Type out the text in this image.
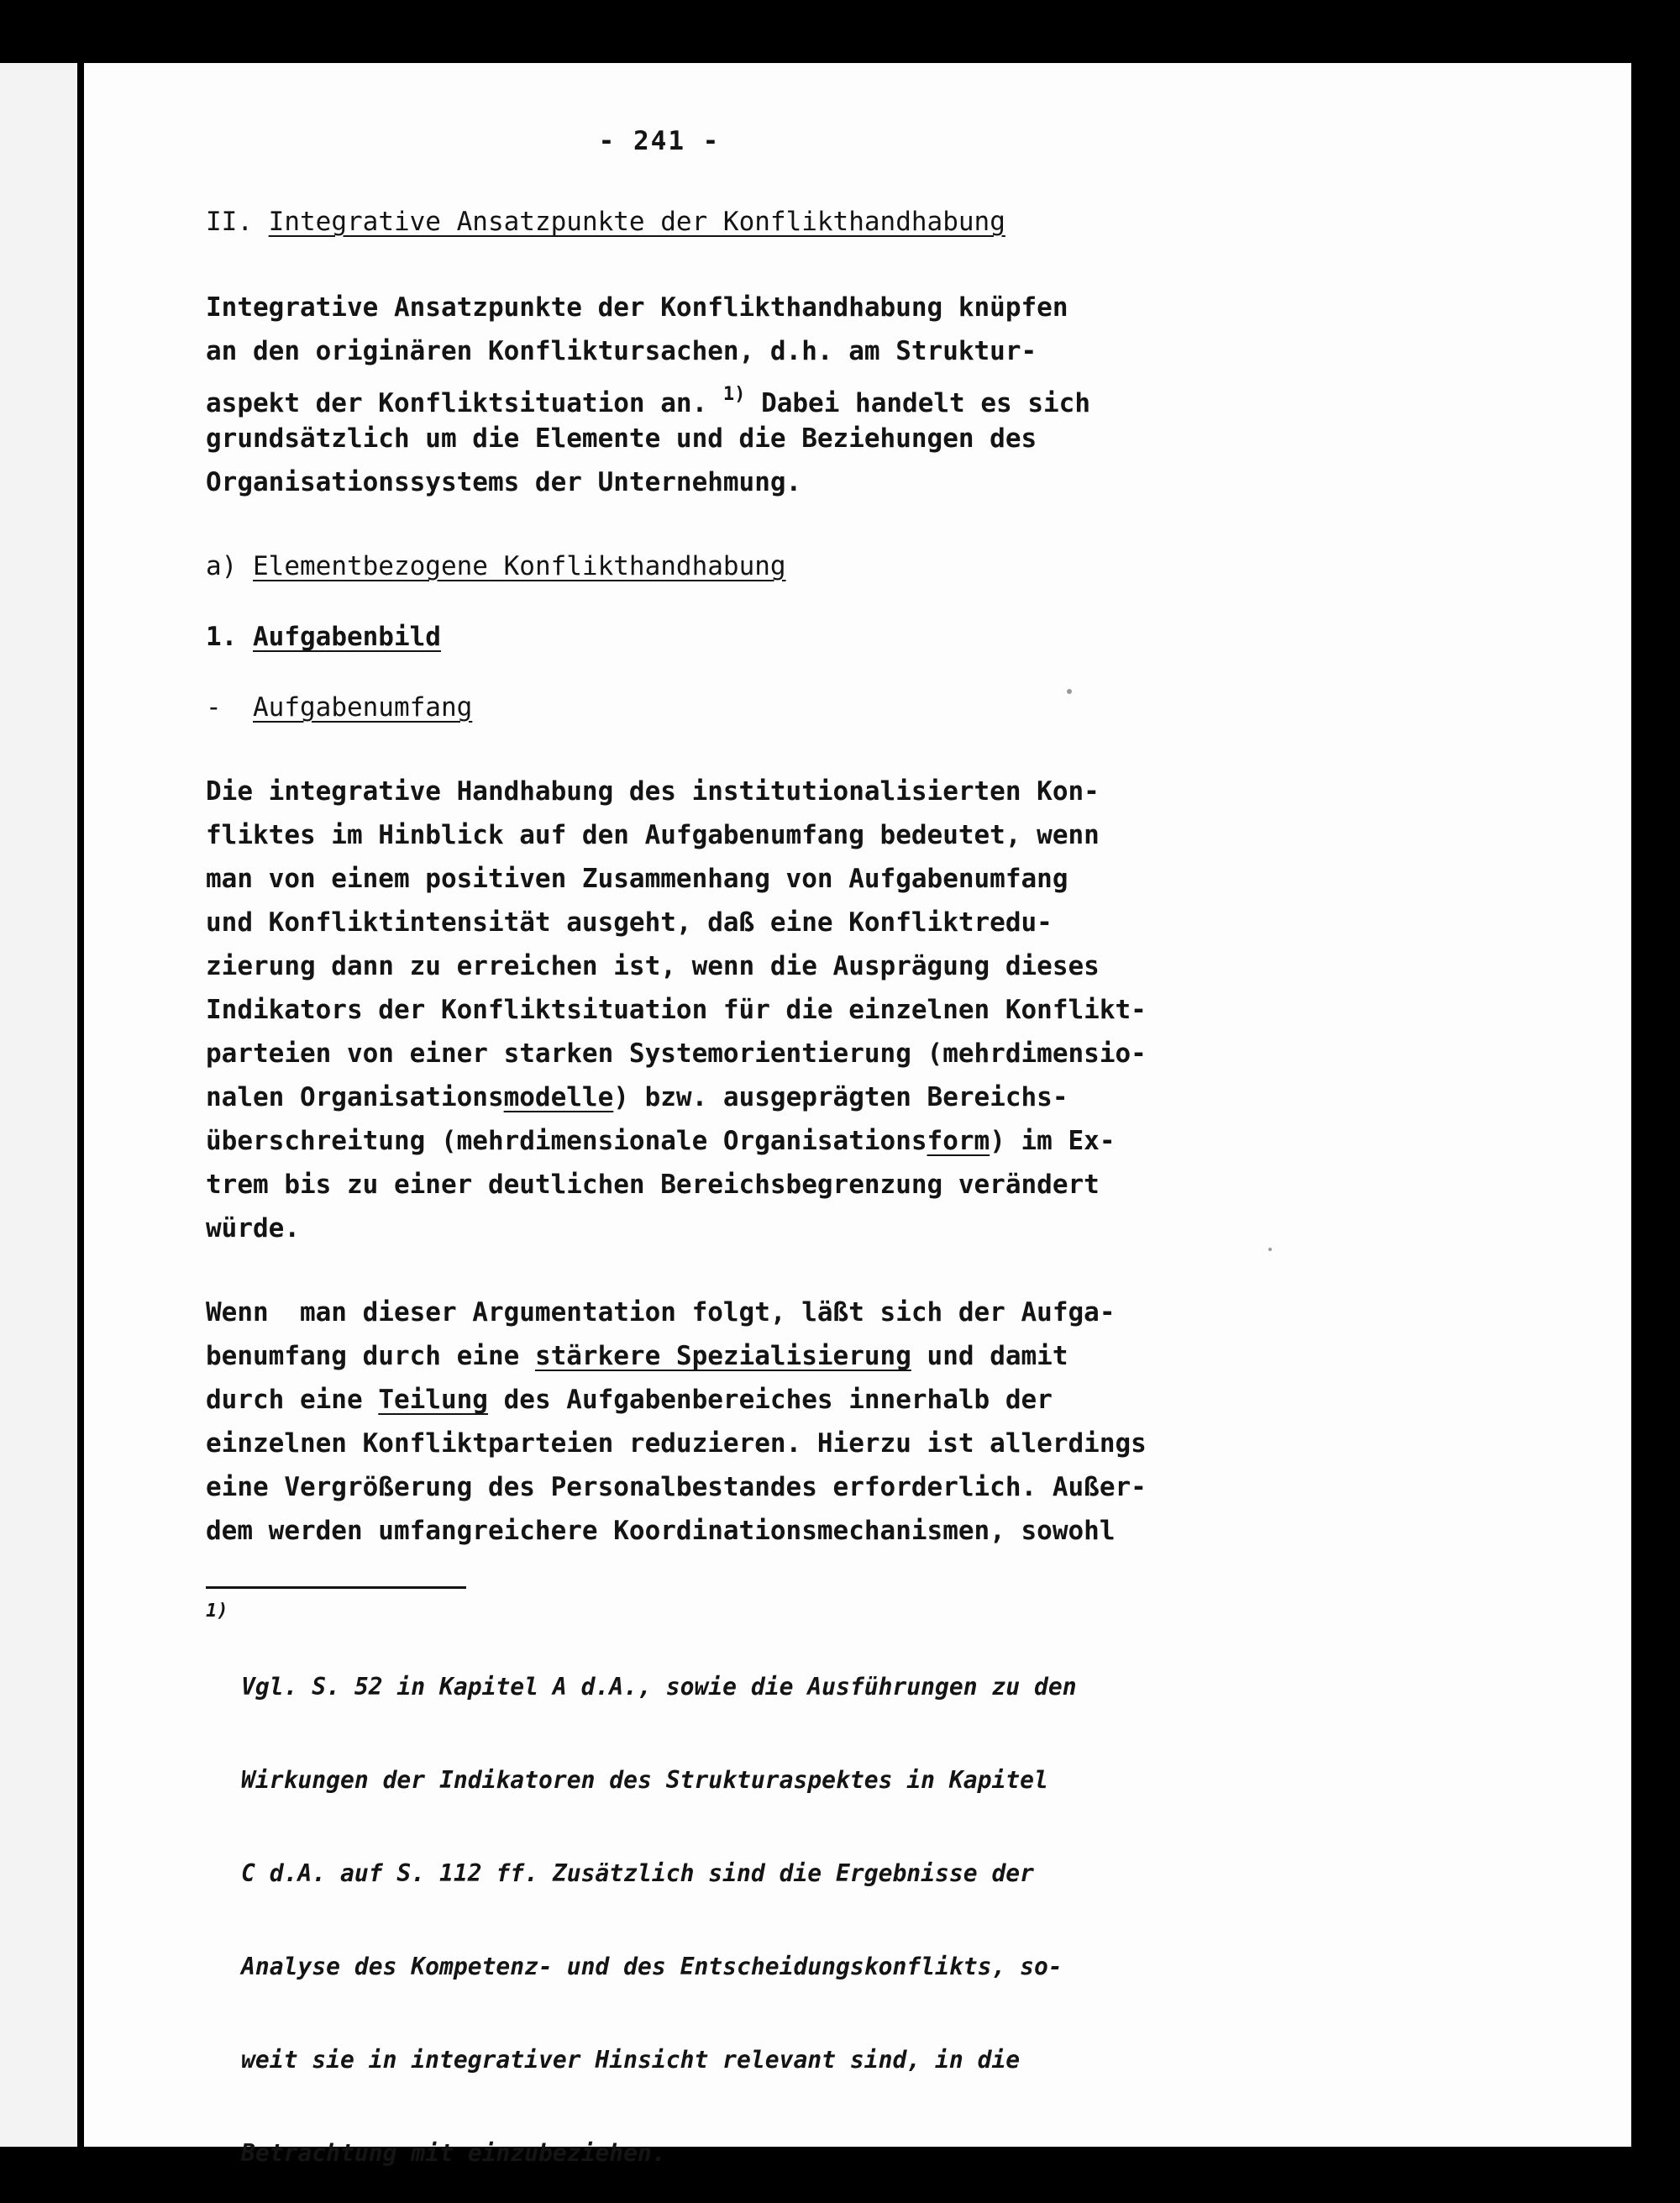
- 241 -
II. Integrative Ansatzpunkte der Konflikthandhabung
Integrative Ansatzpunkte der Konflikthandhabung knüpfen
an den originären Konfliktursachen, d.h. am Struktur-
aspekt der Konfliktsituation an. $^{1)}$ Dabei handelt es sich
grundsätzlich um die Elemente und die Beziehungen des
Organisationssystems der Unternehmung.
a) Elementbezogene Konflikthandhabung
1. Aufgabenbild
- Aufgabenumfang
Die integrative Handhabung des institutionalisierten Kon-
fliktes im Hinblick auf den Aufgabenumfang bedeutet, wenn
man von einem positiven Zusammenhang von Aufgabenumfang
und Konfliktintensität ausgeht, daß eine Konfliktredu-
zierung dann zu erreichen ist, wenn die Ausprägung dieses
Indikators der Konfliktsituation für die einzelnen Konflikt-
parteien von einer starken Systemorientierung (mehrdimensio-
nalen Organisationsmodelle) bzw. ausgeprägten Bereichs-
überschreitung (mehrdimensionale Organisationsform) im Ex-
trem bis zu einer deutlichen Bereichsbegrenzung verändert
würde.
Wenn  man dieser Argumentation folgt, läßt sich der Aufga-
benumfang durch eine stärkere Spezialisierung und damit
durch eine Teilung des Aufgabenbereiches innerhalb der
einzelnen Konfliktparteien reduzieren. Hierzu ist allerdings
eine Vergrößerung des Personalbestandes erforderlich. Außer-
dem werden umfangreichere Koordinationsmechanismen, sowohl
1)

Vgl. S. 52 in Kapitel A d.A., sowie die Ausführungen zu den

Wirkungen der Indikatoren des Strukturaspektes in Kapitel

C d.A. auf S. 112 ff. Zusätzlich sind die Ergebnisse der

Analyse des Kompetenz- und des Entscheidungskonflikts, so-

weit sie in integrativer Hinsicht relevant sind, in die

Betrachtung mit einzubeziehen.
